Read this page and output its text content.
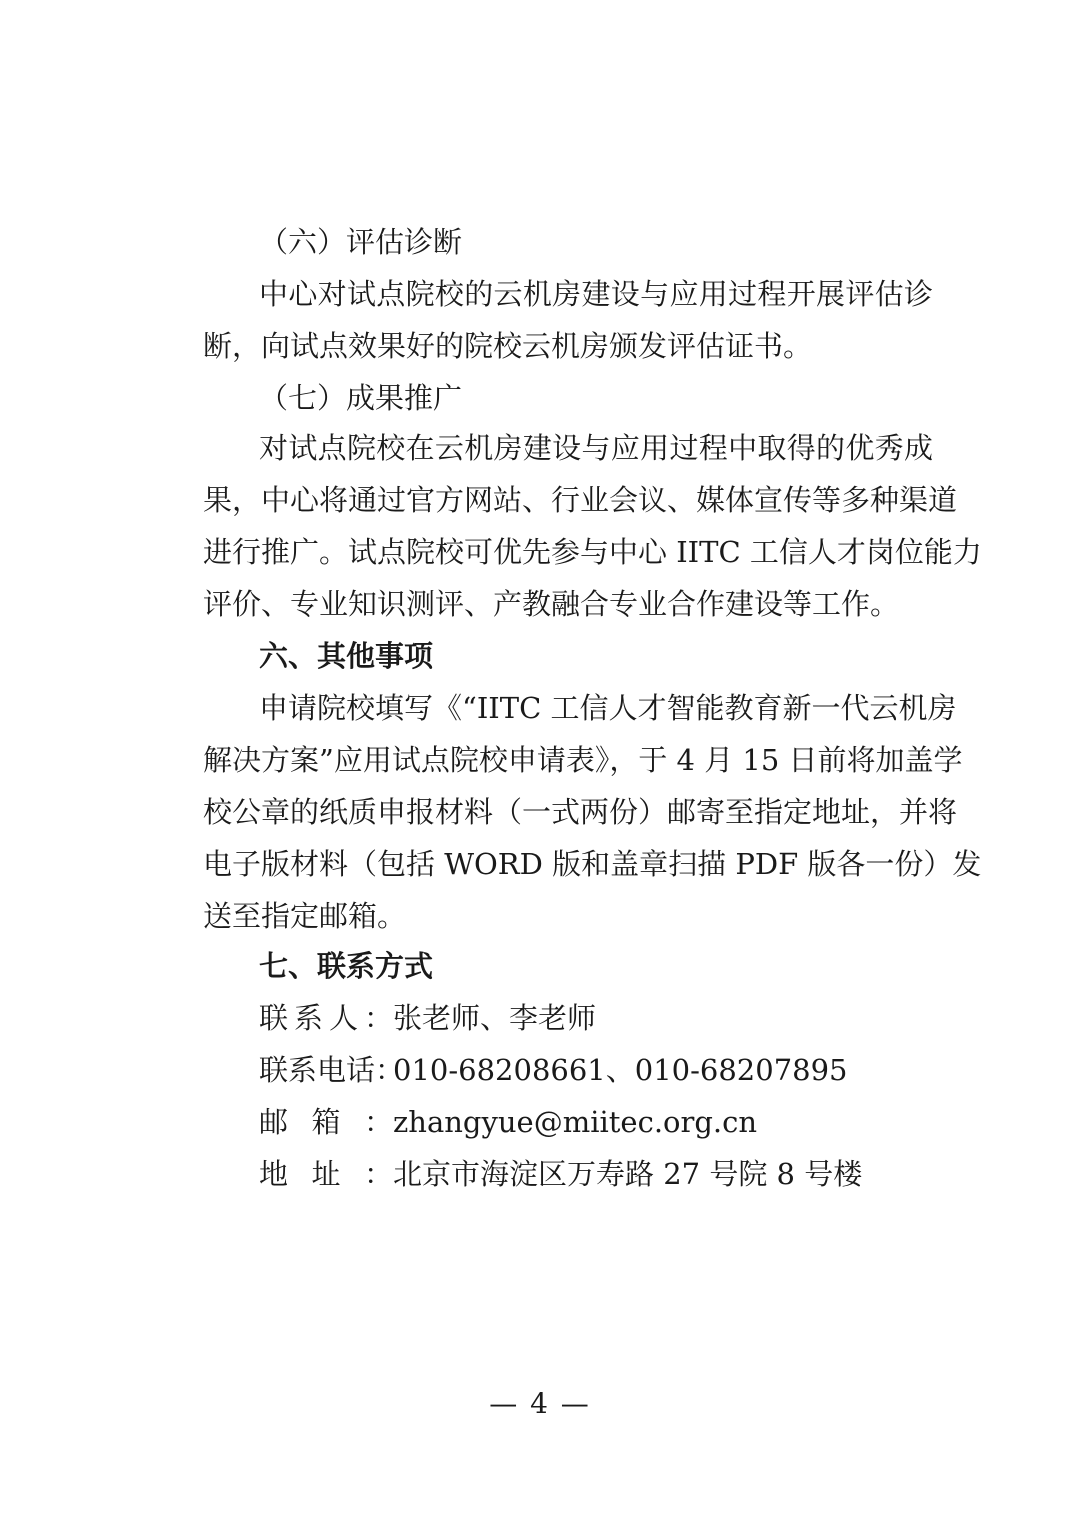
（六）评估诊断
中心对试点院校的云机房建设与应用过程开展评估诊
断，向试点效果好的院校云机房颁发评估证书。
（七）成果推广
对试点院校在云机房建设与应用过程中取得的优秀成
果，中心将通过官方网站、行业会议、媒体宣传等多种渠道
进行推广。试点院校可优先参与中心 IITC 工信人才岗位能力
评价、专业知识测评、产教融合专业合作建设等工作。
六、其他事项
申请院校填写《“IITC 工信人才智能教育新一代云机房
解决方案”应用试点院校申请表》，于 4 月 15 日前将加盖学
校公章的纸质申报材料（一式两份）邮寄至指定地址，并将
电子版材料（包括 WORD 版和盖章扫描 PDF 版各一份）发
送至指定邮箱。
七、联系方式
联系人：张老师、李老师
联系电话：010-68208661、010-68207895
邮箱：zhangyue@miitec.org.cn
地址：北京市海淀区万寿路 27 号院 8 号楼
— 4 —
